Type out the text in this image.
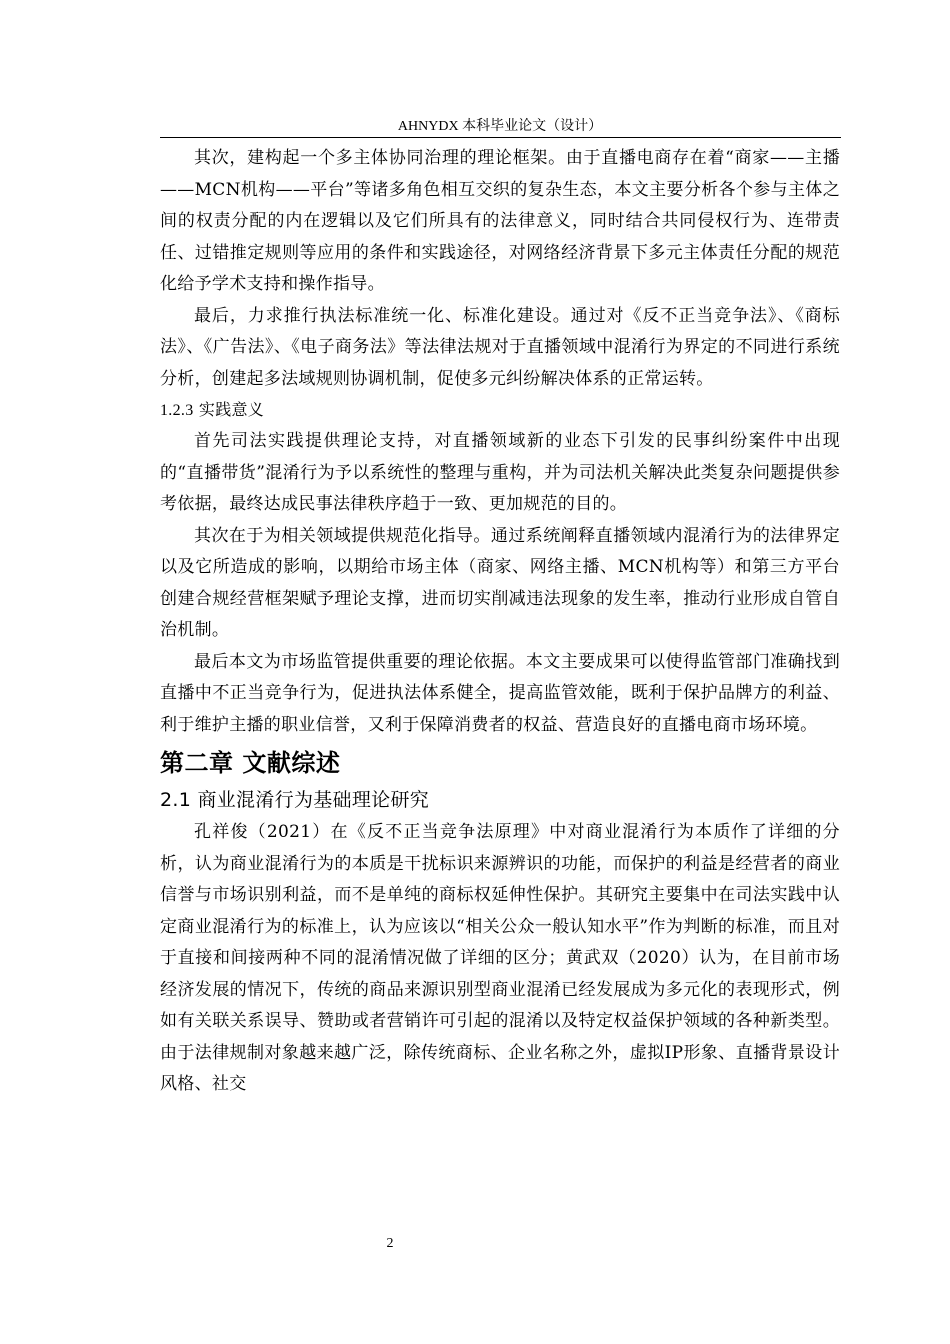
AHNYDX 本科毕业论文（设计）

其次，建构起一个多主体协同治理的理论框架。由于直播电商存在着“商家——主播——MCN机构——平台”等诸多角色相互交织的复杂生态，本文主要分析各个参与主体之间的权责分配的内在逻辑以及它们所具有的法律意义，同时结合共同侵权行为、连带责任、过错推定规则等应用的条件和实践途径，对网络经济背景下多元主体责任分配的规范化给予学术支持和操作指导。

最后，力求推行执法标准统一化、标准化建设。通过对《反不正当竞争法》、《商标法》、《广告法》、《电子商务法》等法律法规对于直播领域中混淆行为界定的不同进行系统分析，创建起多法域规则协调机制，促使多元纠纷解决体系的正常运转。

1.2.3 实践意义

首先司法实践提供理论支持，对直播领域新的业态下引发的民事纠纷案件中出现的“直播带货”混淆行为予以系统性的整理与重构，并为司法机关解决此类复杂问题提供参考依据，最终达成民事法律秩序趋于一致、更加规范的目的。

其次在于为相关领域提供规范化指导。通过系统阐释直播领域内混淆行为的法律界定以及它所造成的影响，以期给市场主体（商家、网络主播、MCN机构等）和第三方平台创建合规经营框架赋予理论支撑，进而切实削减违法现象的发生率，推动行业形成自管自治机制。

最后本文为市场监管提供重要的理论依据。本文主要成果可以使得监管部门准确找到直播中不正当竞争行为，促进执法体系健全，提高监管效能，既利于保护品牌方的利益、利于维护主播的职业信誉，又利于保障消费者的权益、营造良好的直播电商市场环境。

第二章 文献综述
2.1 商业混淆行为基础理论研究

孔祥俊（2021）在《反不正当竞争法原理》中对商业混淆行为本质作了详细的分析，认为商业混淆行为的本质是干扰标识来源辨识的功能，而保护的利益是经营者的商业信誉与市场识别利益，而不是单纯的商标权延伸性保护。其研究主要集中在司法实践中认定商业混淆行为的标准上，认为应该以“相关公众一般认知水平”作为判断的标准，而且对于直接和间接两种不同的混淆情况做了详细的区分；黄武双（2020）认为，在目前市场经济发展的情况下，传统的商品来源识别型商业混淆已经发展成为多元化的表现形式，例如有关联关系误导、赞助或者营销许可引起的混淆以及特定权益保护领域的各种新类型。由于法律规制对象越来越广泛，除传统商标、企业名称之外，虚拟IP形象、直播背景设计风格、社交

2
